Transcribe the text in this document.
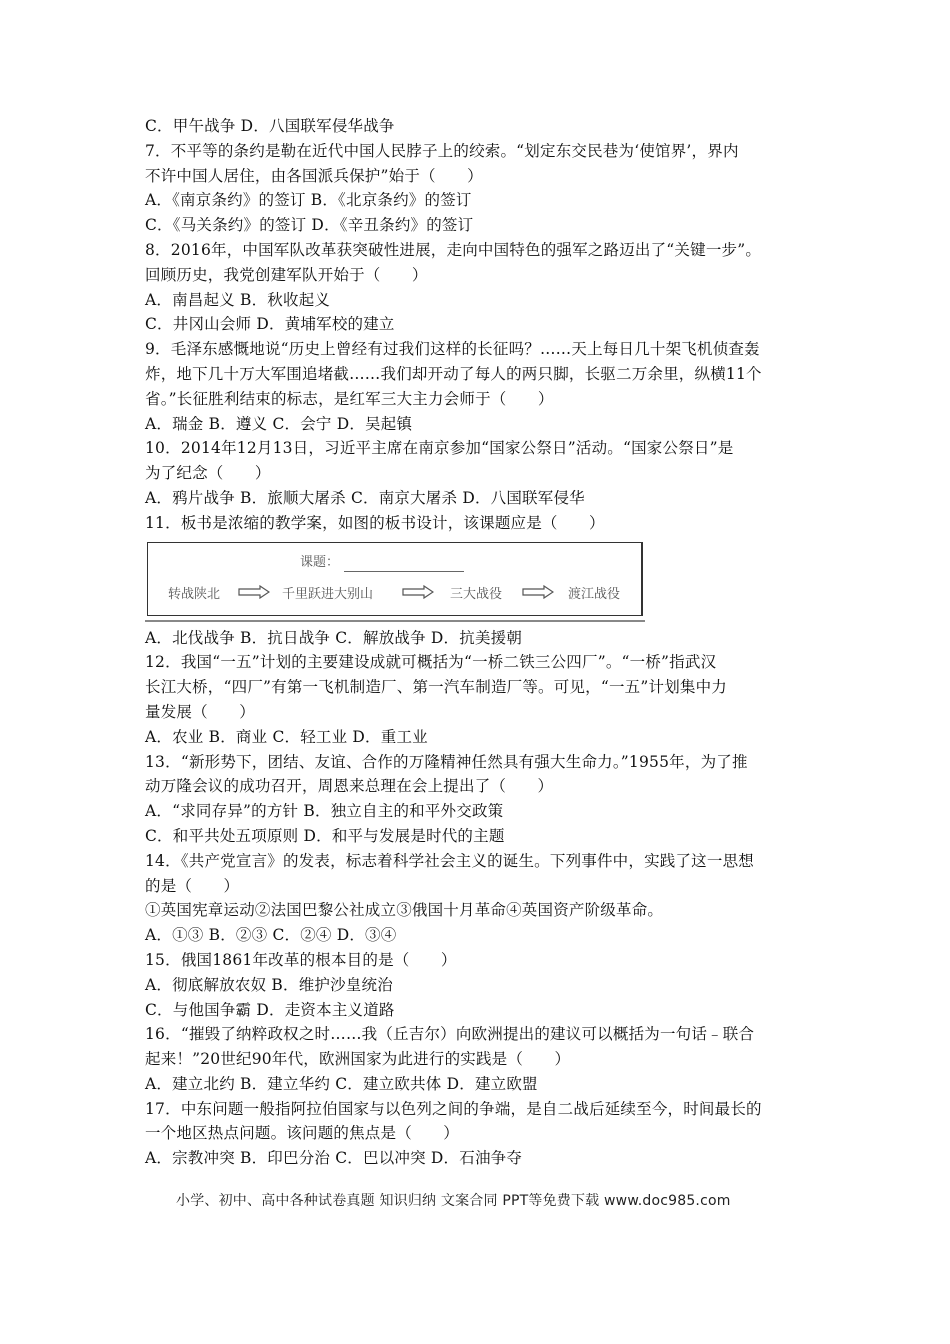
C．甲午战争 D．八国联军侵华战争
7．不平等的条约是勒在近代中国人民脖子上的绞索。“划定东交民巷为‘使馆界’，界内
不许中国人居住，由各国派兵保护”始于（　　）
A．《南京条约》的签订 B．《北京条约》的签订
C．《马关条约》的签订 D．《辛丑条约》的签订
8．2016年，中国军队改革获突破性进展，走向中国特色的强军之路迈出了“关键一步”。
回顾历史，我党创建军队开始于（　　）
A．南昌起义 B．秋收起义
C．井冈山会师 D．黄埔军校的建立
9．毛泽东感慨地说“历史上曾经有过我们这样的长征吗？……天上每日几十架飞机侦查轰
炸，地下几十万大军围追堵截……我们却开动了每人的两只脚，长驱二万余里，纵横11个
省。”长征胜利结束的标志，是红军三大主力会师于（　　）
A．瑞金 B．遵义 C．会宁 D．吴起镇
10．2014年12月13日，习近平主席在南京参加“国家公祭日”活动。“国家公祭日”是
为了纪念（　　）
A．鸦片战争 B．旅顺大屠杀 C．南京大屠杀 D．八国联军侵华
11．板书是浓缩的教学案，如图的板书设计，该课题应是（　　）
课题：
转战陕北	千里跃进大别山	三大战役	渡江战役
A．北伐战争 B．抗日战争 C．解放战争 D．抗美援朝
12．我国“一五”计划的主要建设成就可概括为“一桥二铁三公四厂”。“一桥”指武汉
长江大桥，“四厂”有第一飞机制造厂、第一汽车制造厂等。可见，“一五”计划集中力
量发展（　　）
A．农业 B．商业 C．轻工业 D．重工业
13．“新形势下，团结、友谊、合作的万隆精神任然具有强大生命力。”1955年，为了推
动万隆会议的成功召开，周恩来总理在会上提出了（　　）
A．“求同存异”的方针 B．独立自主的和平外交政策
C．和平共处五项原则 D．和平与发展是时代的主题
14．《共产党宣言》的发表，标志着科学社会主义的诞生。下列事件中，实践了这一思想
的是（　　）
①英国宪章运动②法国巴黎公社成立③俄国十月革命④英国资产阶级革命。
A．①③ B．②③ C．②④ D．③④
15．俄国1861年改革的根本目的是（　　）
A．彻底解放农奴 B．维护沙皇统治
C．与他国争霸 D．走资本主义道路
16．“摧毁了纳粹政权之时……我（丘吉尔）向欧洲提出的建议可以概括为一句话﹣联合
起来！”20世纪90年代，欧洲国家为此进行的实践是（　　）
A．建立北约 B．建立华约 C．建立欧共体 D．建立欧盟
17．中东问题一般指阿拉伯国家与以色列之间的争端，是自二战后延续至今，时间最长的
一个地区热点问题。该问题的焦点是（　　）
A．宗教冲突 B．印巴分治 C．巴以冲突 D．石油争夺
小学、初中、高中各种试卷真题 知识归纳 文案合同 PPT等免费下载 www.doc985.com
